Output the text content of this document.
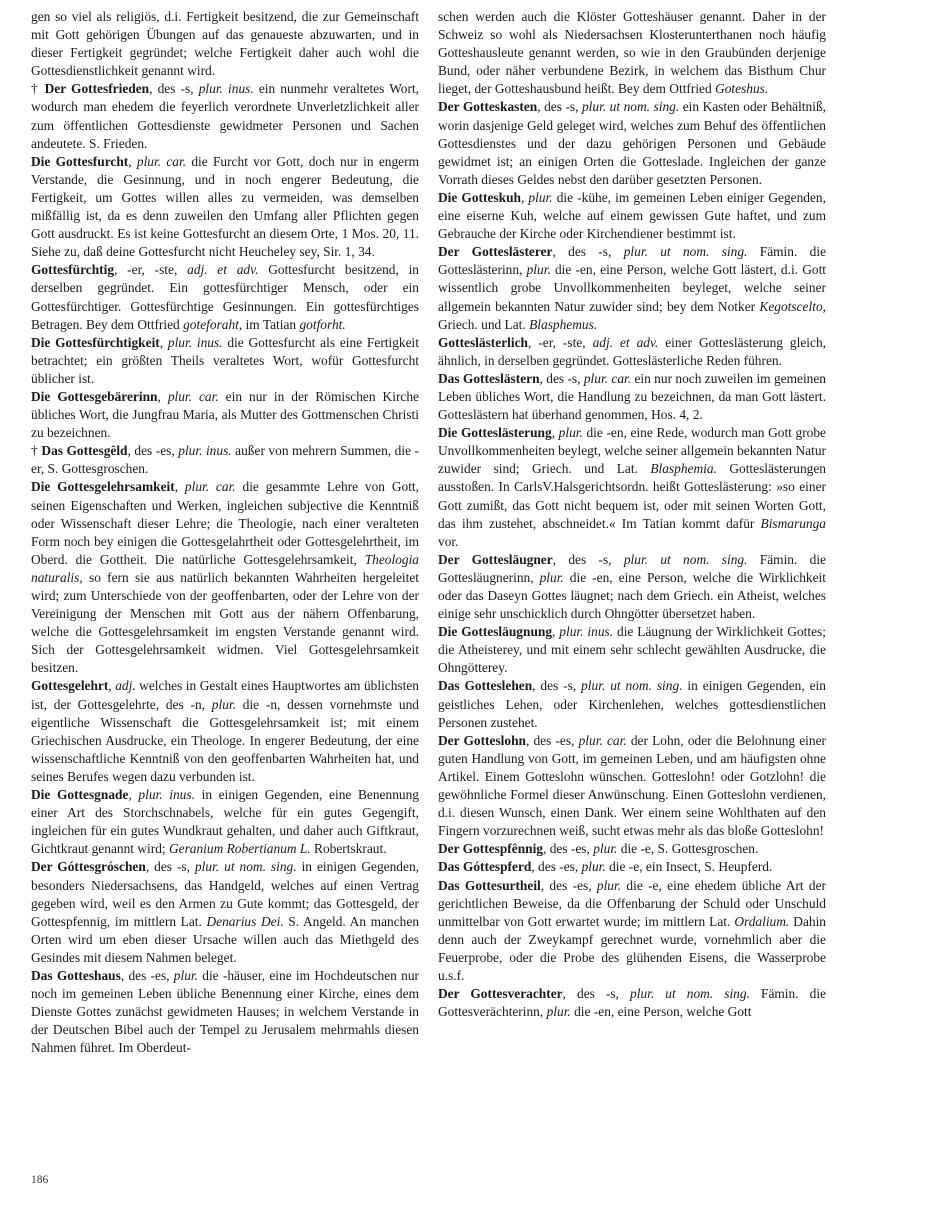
gen so viel als religiös, d.i. Fertigkeit besitzend, die zur Gemeinschaft mit Gott gehörigen Übungen auf das genaueste abzuwarten, und in dieser Fertigkeit gegründet; welche Fertigkeit daher auch wohl die Gottesdienstlichkeit genannt wird.

† Der Gottesfrieden, des -s, plur. inus. ein nunmehr veraltetes Wort, wodurch man ehedem die feyerlich verordnete Unverletzlichkeit aller zum öffentlichen Gottesdienste gewidmeter Personen und Sachen andeutete. S. Frieden.

Die Gottesfurcht, plur. car. die Furcht vor Gott, doch nur in engerm Verstande, die Gesinnung, und in noch engerer Bedeutung, die Fertigkeit, um Gottes willen alles zu vermeiden, was demselben mißfällig ist, da es denn zuweilen den Umfang aller Pflichten gegen Gott ausdruckt. Es ist keine Gottesfurcht an diesem Orte, 1 Mos. 20, 11. Siehe zu, daß deine Gottesfurcht nicht Heucheley sey, Sir. 1, 34.

Gottesfürchtig, -er, -ste, adj. et adv. Gottesfurcht besitzend, in derselben gegründet. Ein gottesfürchtiger Mensch, oder ein Gottesfürchtiger. Gottesfürchtige Gesinnungen. Ein gottesfürchtiges Betragen. Bey dem Ottfried goteforaht, im Tatian gotforht.

Die Gottesfürchtigkeit, plur. inus. die Gottesfurcht als eine Fertigkeit betrachtet; ein größten Theils veraltetes Wort, wofür Gottesfurcht üblicher ist.

Die Gottesgebärerinn, plur. car. ein nur in der Römischen Kirche übliches Wort, die Jungfrau Maria, als Mutter des Gottmenschen Christi zu bezeichnen.

† Das Gottesgêld, des -es, plur. inus. außer von mehrern Summen, die -er, S. Gottesgroschen.

Die Gottesgelehrsamkeit, plur. car. die gesammte Lehre von Gott, seinen Eigenschaften und Werken, ingleichen subjective die Kenntniß oder Wissenschaft dieser Lehre; die Theologie, nach einer veralteten Form noch bey einigen die Gottesgelahrtheit oder Gottesgelehrtheit, im Oberd. die Gottheit. Die natürliche Gottesgelehrsamkeit, Theologia naturalis, so fern sie aus natürlich bekannten Wahrheiten hergeleitet wird; zum Unterschiede von der geoffenbarten, oder der Lehre von der Vereinigung der Menschen mit Gott aus der nähern Offenbarung, welche die Gottesgelehrsamkeit im engsten Verstande genannt wird. Sich der Gottesgelehrsamkeit widmen. Viel Gottesgelehrsamkeit besitzen.

Gottesgelehrt, adj. welches in Gestalt eines Hauptwortes am üblichsten ist, der Gottesgelehrte, des -n, plur. die -n, dessen vornehmste und eigentliche Wissenschaft die Gottesgelehrsamkeit ist; mit einem Griechischen Ausdrucke, ein Theologe. In engerer Bedeutung, der eine wissenschaftliche Kenntniß von den geoffenbarten Wahrheiten hat, und seines Berufes wegen dazu verbunden ist.

Die Gottesgnade, plur. inus. in einigen Gegenden, eine Benennung einer Art des Storchschnabels, welche für ein gutes Gegengift, ingleichen für ein gutes Wundkraut gehalten, und daher auch Giftkraut, Gichtkraut genannt wird; Geranium Robertianum L. Robertskraut.

Der Góttesgróschen, des -s, plur. ut nom. sing. in einigen Gegenden, besonders Niedersachsens, das Handgeld, welches auf einen Vertrag gegeben wird, weil es den Armen zu Gute kommt; das Gottesgeld, der Gottespfennig, im mittlern Lat. Denarius Dei. S. Angeld. An manchen Orten wird um eben dieser Ursache willen auch das Miethgeld des Gesindes mit diesem Nahmen beleget.

Das Gotteshaus, des -es, plur. die -häuser, eine im Hochdeutschen nur noch im gemeinen Leben übliche Benennung einer Kirche, eines dem Dienste Gottes zunächst gewidmeten Hauses; in welchem Verstande in der Deutschen Bibel auch der Tempel zu Jerusalem mehrmahls diesen Nahmen führet. Im Oberdeut-

schen werden auch die Klöster Gotteshäuser genannt. Daher in der Schweiz so wohl als Niedersachsen Klosterunterthanen noch häufig Gotteshausleute genannt werden, so wie in den Graubünden derjenige Bund, oder näher verbundene Bezirk, in welchem das Bisthum Chur lieget, der Gotteshausbund heißt. Bey dem Ottfried Goteshus.

Der Gotteskasten, des -s, plur. ut nom. sing. ein Kasten oder Behältniß, worin dasjenige Geld geleget wird, welches zum Behuf des öffentlichen Gottesdienstes und der dazu gehörigen Personen und Gebäude gewidmet ist; an einigen Orten die Gotteslade. Ingleichen der ganze Vorrath dieses Geldes nebst den darüber gesetzten Personen.

Die Gotteskuh, plur. die -kühe, im gemeinen Leben einiger Gegenden, eine eiserne Kuh, welche auf einem gewissen Gute haftet, und zum Gebrauche der Kirche oder Kirchendiener bestimmt ist.

Der Gotteslästerer, des -s, plur. ut nom. sing. Fämin. die Gotteslästerinn, plur. die -en, eine Person, welche Gott lästert, d.i. Gott wissentlich grobe Unvollkommenheiten beyleget, welche seiner allgemein bekannten Natur zuwider sind; bey dem Notker Kegotscelto, Griech. und Lat. Blasphemus.

Gotteslästerlich, -er, -ste, adj. et adv. einer Gotteslästerung gleich, ähnlich, in derselben gegründet. Gotteslästerliche Reden führen.

Das Gotteslästern, des -s, plur. car. ein nur noch zuweilen im gemeinen Leben übliches Wort, die Handlung zu bezeichnen, da man Gott lästert. Gotteslästern hat überhand genommen, Hos. 4, 2.

Die Gotteslästerung, plur. die -en, eine Rede, wodurch man Gott grobe Unvollkommenheiten beylegt, welche seiner allgemein bekannten Natur zuwider sind; Griech. und Lat. Blasphemia. Gotteslästerungen ausstoßen. In CarlsV.Halsgerichtsordn. heißt Gotteslästerung: »so einer Gott zumißt, das Gott nicht bequem ist, oder mit seinen Worten Gott, das ihm zustehet, abschneidet.« Im Tatian kommt dafür Bismarunga vor.

Der Gottesläugner, des -s, plur. ut nom. sing. Fämin. die Gottesläugnerinn, plur. die -en, eine Person, welche die Wirklichkeit oder das Daseyn Gottes läugnet; nach dem Griech. ein Atheist, welches einige sehr unschicklich durch Ohngötter übersetzet haben.

Die Gottesläugnung, plur. inus. die Läugnung der Wirklichkeit Gottes; die Atheisterey, und mit einem sehr schlecht gewählten Ausdrucke, die Ohngötterey.

Das Gotteslehen, des -s, plur. ut nom. sing. in einigen Gegenden, ein geistliches Lehen, oder Kirchenlehen, welches gottesdienstlichen Personen zustehet.

Der Gotteslohn, des -es, plur. car. der Lohn, oder die Belohnung einer guten Handlung von Gott, im gemeinen Leben, und am häufigsten ohne Artikel. Einem Gotteslohn wünschen. Gotteslohn! oder Gotzlohn! die gewöhnliche Formel dieser Anwünschung. Einen Gotteslohn verdienen, d.i. diesen Wunsch, einen Dank. Wer einem seine Wohlthaten auf den Fingern vorzurechnen weiß, sucht etwas mehr als das bloße Gotteslohn!

Der Gottespfênnig, des -es, plur. die -e, S. Gottesgroschen.

Das Góttespferd, des -es, plur. die -e, ein Insect, S. Heupferd.

Das Gottesurtheil, des -es, plur. die -e, eine ehedem übliche Art der gerichtlichen Beweise, da die Offenbarung der Schuld oder Unschuld unmittelbar von Gott erwartet wurde; im mittlern Lat. Ordalium. Dahin denn auch der Zweykampf gerechnet wurde, vornehmlich aber die Feuerprobe, oder die Probe des glühenden Eisens, die Wasserprobe u.s.f.

Der Gottesverachter, des -s, plur. ut nom. sing. Fämin. die Gottesverächterinn, plur. die -en, eine Person, welche Gott

186
